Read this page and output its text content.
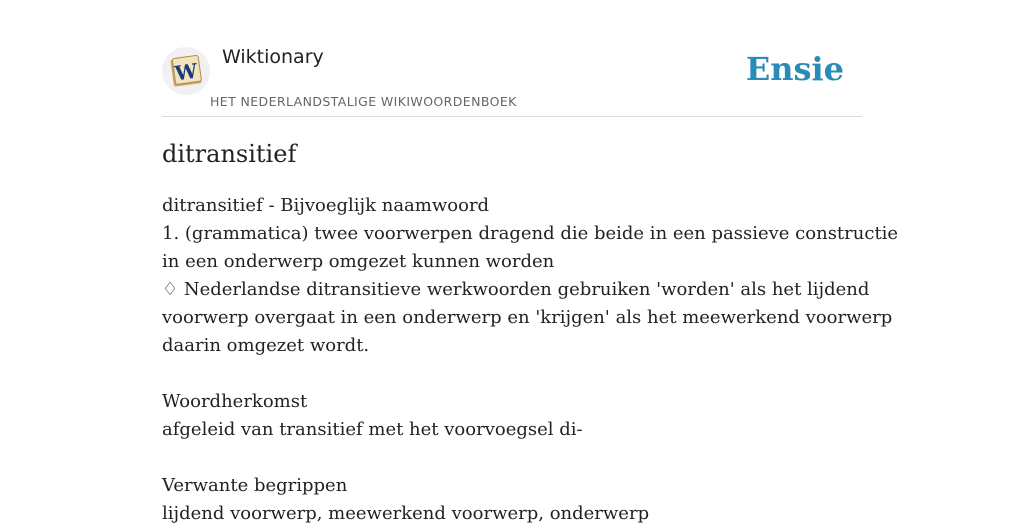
W
Wiktionary
HET NEDERLANDSTALIGE WIKIWOORDENBOEK
Ensie
ditransitief
ditransitief - Bijvoeglijk naamwoord
1. (grammatica) twee voorwerpen dragend die beide in een passieve constructie
in een onderwerp omgezet kunnen worden
♢ Nederlandse ditransitieve werkwoorden gebruiken 'worden' als het lijdend
voorwerp overgaat in een onderwerp en 'krijgen' als het meewerkend voorwerp
daarin omgezet wordt.
Woordherkomst
afgeleid van transitief met het voorvoegsel di-
Verwante begrippen
lijdend voorwerp, meewerkend voorwerp, onderwerp
